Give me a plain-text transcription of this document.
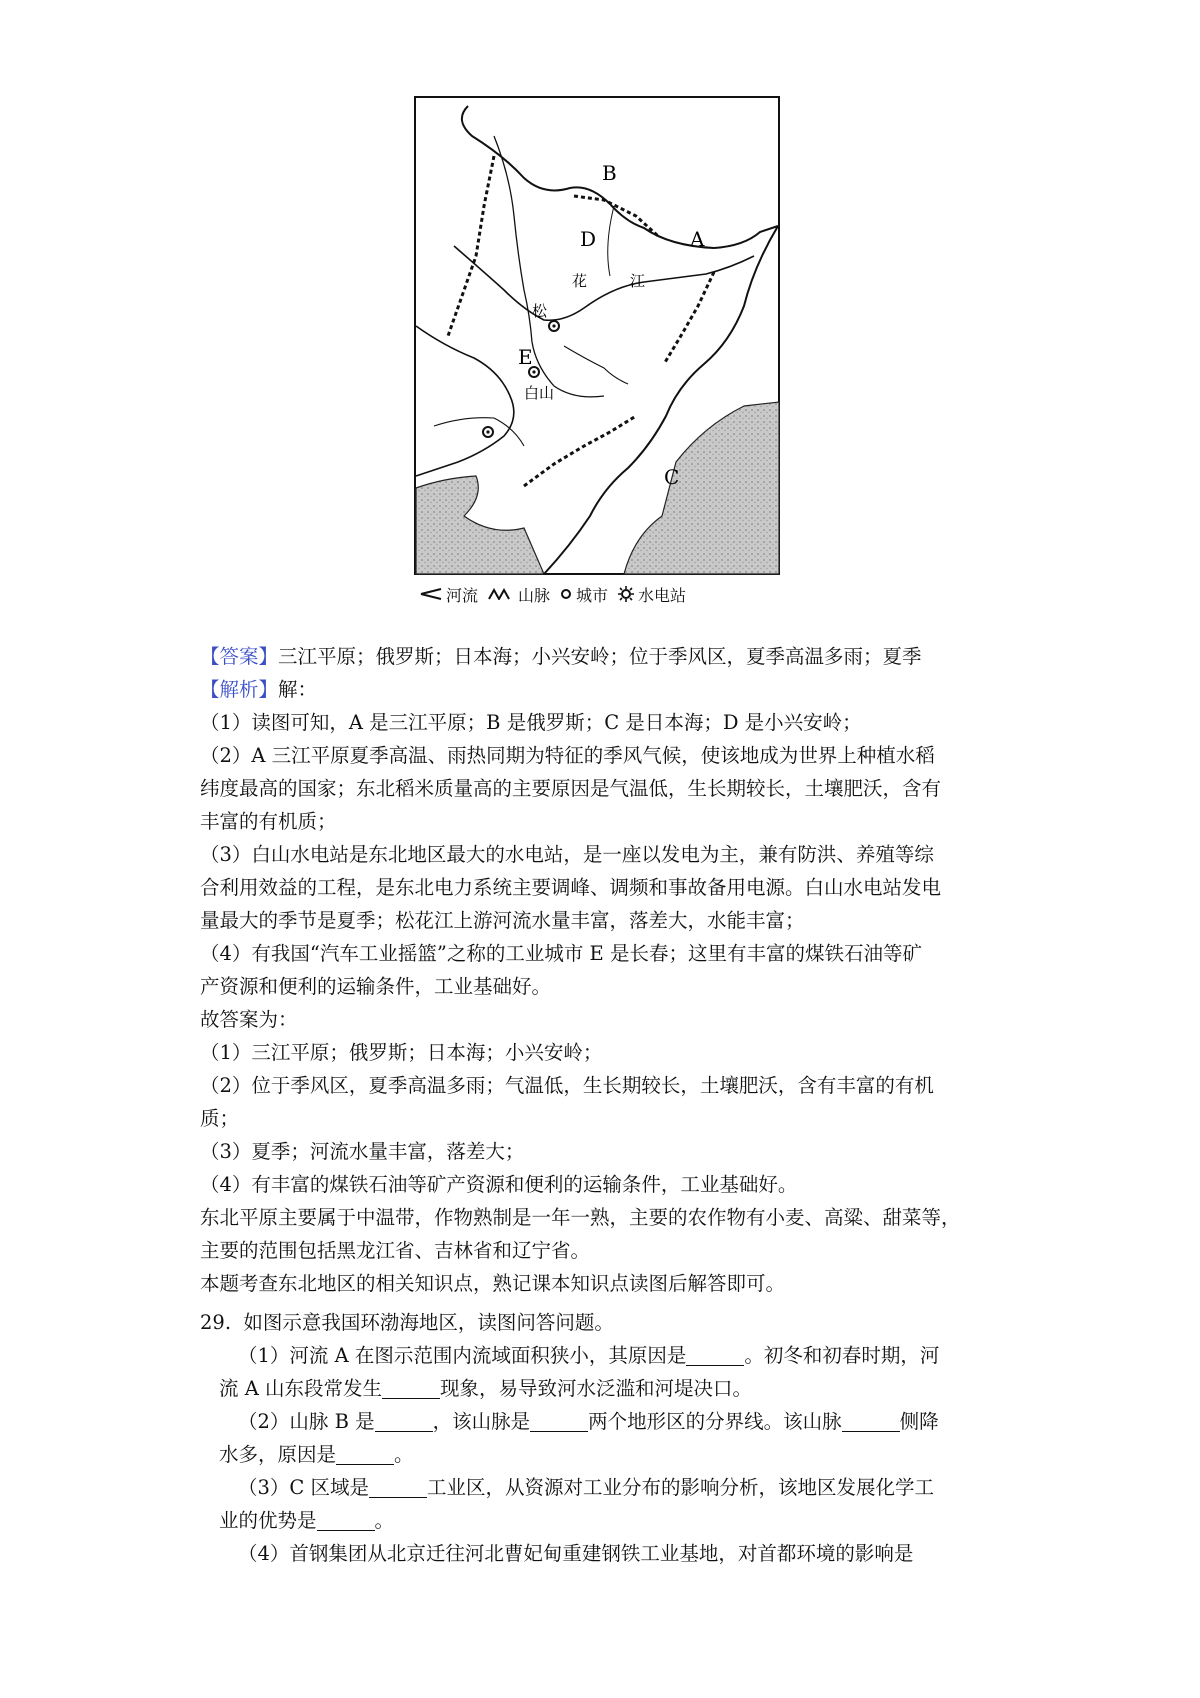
B
D	A
E
C
松
花	江
白山
河流	山脉 城市 水电站
【答案】三江平原；俄罗斯；日本海；小兴安岭；位于季风区，夏季高温多雨；夏季
【解析】解：
（1）读图可知，A 是三江平原；B 是俄罗斯；C 是日本海；D 是小兴安岭；
（2）A 三江平原夏季高温、雨热同期为特征的季风气候，使该地成为世界上种植水稻
纬度最高的国家；东北稻米质量高的主要原因是气温低，生长期较长，土壤肥沃，含有
丰富的有机质；
（3）白山水电站是东北地区最大的水电站，是一座以发电为主，兼有防洪、养殖等综
合利用效益的工程，是东北电力系统主要调峰、调频和事故备用电源。白山水电站发电
量最大的季节是夏季；松花江上游河流水量丰富，落差大，水能丰富；
（4）有我国“汽车工业摇篮”之称的工业城市 E 是长春；这里有丰富的煤铁石油等矿
产资源和便利的运输条件，工业基础好。
故答案为：
（1）三江平原；俄罗斯；日本海；小兴安岭；
（2）位于季风区，夏季高温多雨；气温低，生长期较长，土壤肥沃，含有丰富的有机
质；
（3）夏季；河流水量丰富，落差大；
（4）有丰富的煤铁石油等矿产资源和便利的运输条件，工业基础好。
东北平原主要属于中温带，作物熟制是一年一熟，主要的农作物有小麦、高粱、甜菜等，
主要的范围包括黑龙江省、吉林省和辽宁省。
本题考查东北地区的相关知识点，熟记课本知识点读图后解答即可。
29. 如图示意我国环渤海地区，读图问答问题。
（1）河流 A 在图示范围内流域面积狭小，其原因是	。初冬和初春时期，河
流 A 山东段常发生	现象，易导致河水泛滥和河堤决口。
（2）山脉 B 是	，该山脉是	两个地形区的分界线。该山脉	侧降
水多，原因是	。
（3）C 区域是	工业区，从资源对工业分布的影响分析，该地区发展化学工
业的优势是	。
（4）首钢集团从北京迁往河北曹妃甸重建钢铁工业基地，对首都环境的影响是
